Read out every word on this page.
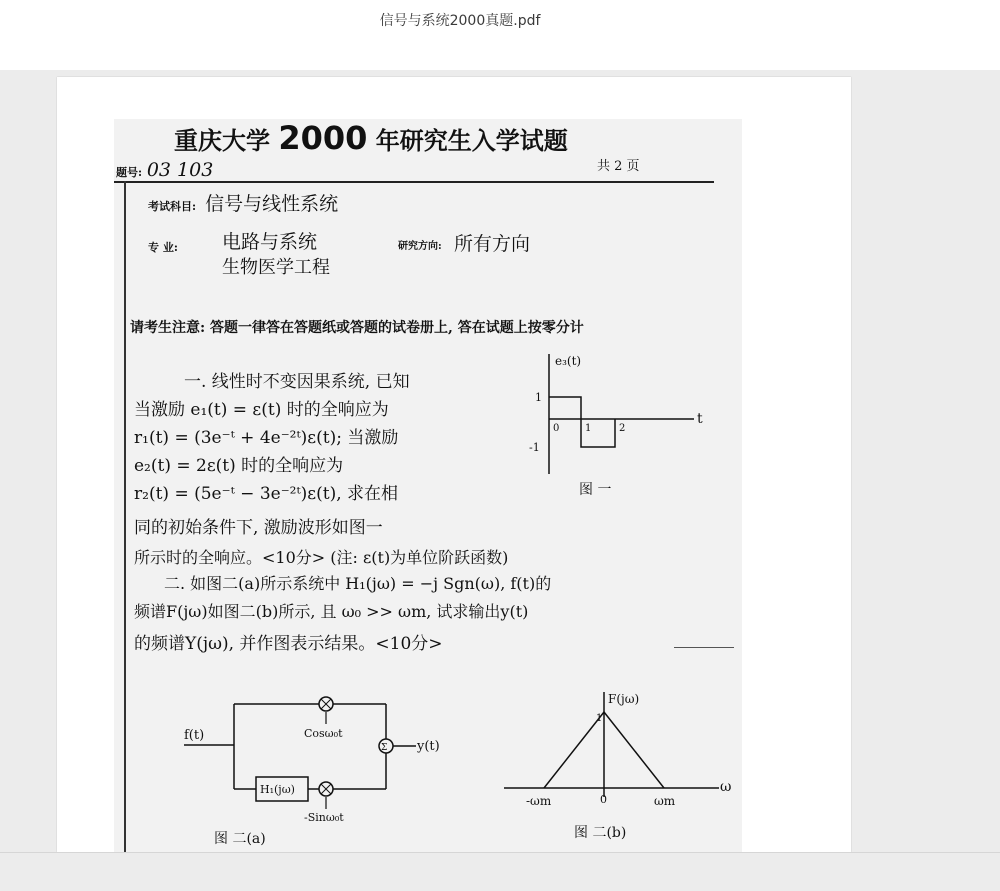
信号与系统2000真题.pdf
重庆大学 2000 年研究生入学试题
题号: 03 103	共 2 页
考试科目: 信号与线性系统
专 业: 电路与系统
生物医学工程
研究方向: 所有方向
请考生注意: 答题一律答在答题纸或答题的试卷册上, 答在试题上按零分计
一. 线性时不变因果系统, 已知
当激励 e₁(t) = ε(t) 时的全响应为
r₁(t) = (3e⁻ᵗ + 4e⁻²ᵗ)ε(t); 当激励
e₂(t) = 2ε(t) 时的全响应为
r₂(t) = (5e⁻ᵗ − 3e⁻²ᵗ)ε(t), 求在相
同的初始条件下, 激励波形如图一
所示时的全响应。<10分> (注: ε(t)为单位阶跃函数)
e₃(t)
t
1
-1
0	1	2
图 一
二. 如图二(a)所示系统中 H₁(jω) = −j Sgn(ω), f(t)的
频谱F(jω)如图二(b)所示, 且 ω₀ >> ωm, 试求输出y(t)
的频谱Y(jω), 并作图表示结果。<10分>
f(t)	Cosω₀t
H₁(jω)
-Sinω₀t
Σ y(t)
图 二(a)
F(jω)
1
-ωm	0	ωm
ω
图 二(b)
